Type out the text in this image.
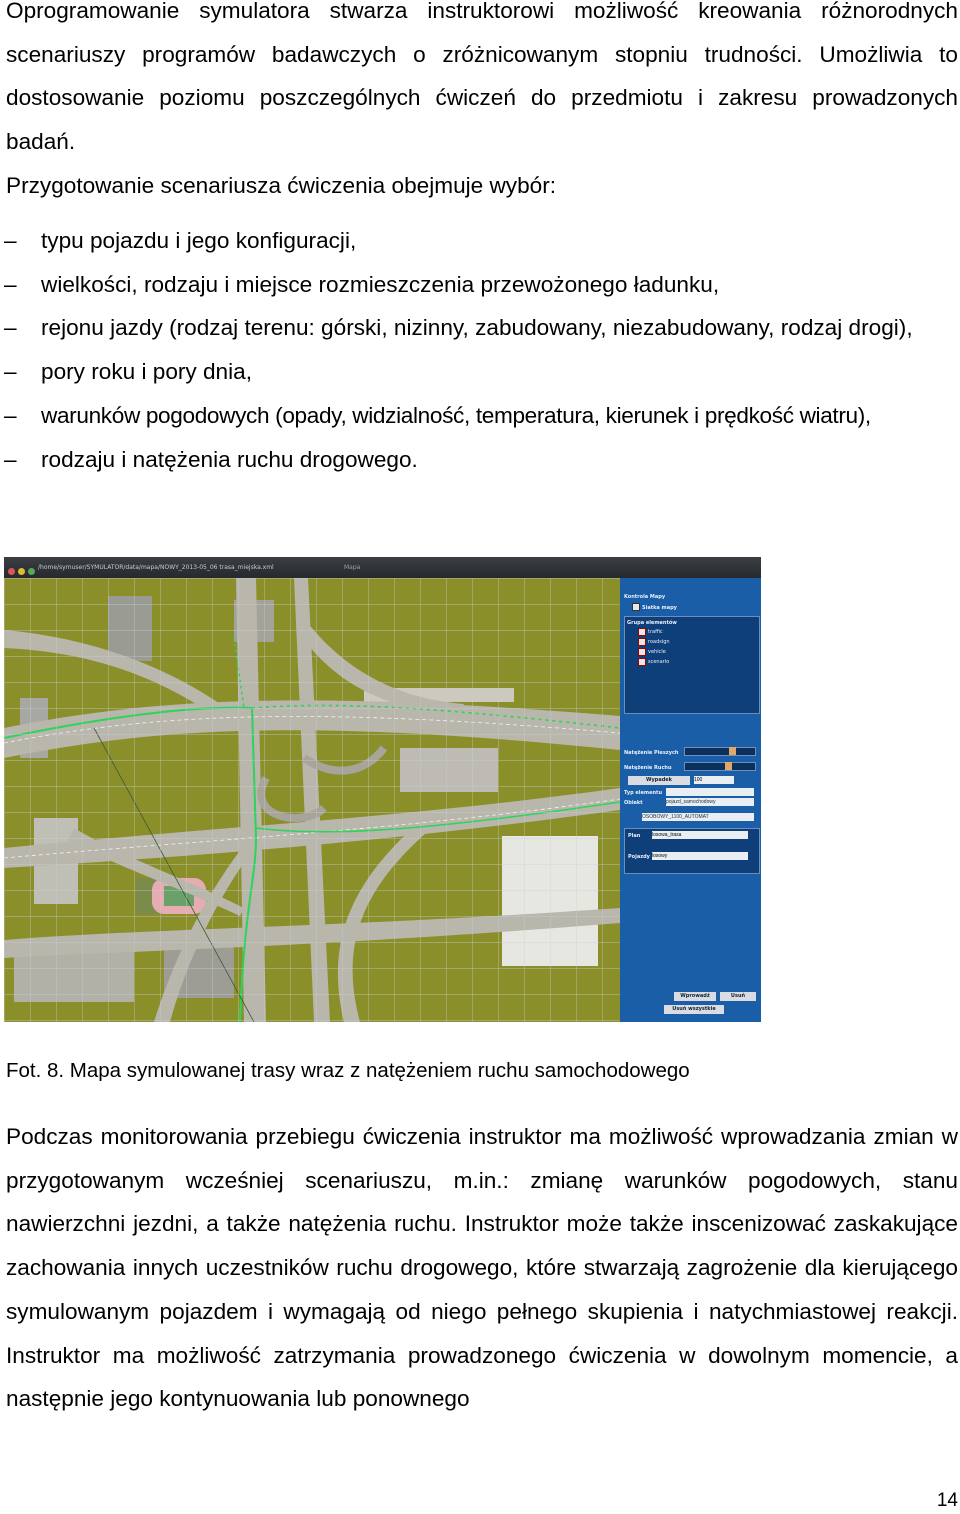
Oprogramowanie symulatora stwarza instruktorowi możliwość kreowania różnorodnych scenariuszy programów badawczych o zróżnicowanym stopniu trudności. Umożliwia to dostosowanie poziomu poszczególnych ćwiczeń do przedmiotu i zakresu prowadzonych badań.

Przygotowanie scenariusza ćwiczenia obejmuje wybór:

– typu pojazdu i jego konfiguracji,
– wielkości, rodzaju i miejsce rozmieszczenia przewożonego ładunku,
– rejonu jazdy (rodzaj terenu: górski, nizinny, zabudowany, niezabudowany, rodzaj drogi),
– pory roku i pory dnia,
– warunków pogodowych (opady, widzialność, temperatura, kierunek i prędkość wiatru),
– rodzaju i natężenia ruchu drogowego.
/home/symuser/SYMULATOR/data/mapa/NOWY_2013-05_06 trasa_miejska.xml	Mapa
Kontrola Mapy
Siatka mapy
Grupa elementów
traffic
roadsign
vehicle
scenario
Natężenie Pieszych
Natężenie Ruchu
Wypadek	100
Typ elementu
Obiekt	pojazd_samochodowy
OSOBOWY_1100_AUTOMAT
Plan losowa_trasa
Pojazdy losowy
Wprowadź	Usuń
Usuń wszystkie

Fot. 8. Mapa symulowanej trasy wraz z natężeniem ruchu samochodowego

Podczas monitorowania przebiegu ćwiczenia instruktor ma możliwość wprowadzania zmian w przygotowanym wcześniej scenariuszu, m.in.: zmianę warunków pogodowych, stanu nawierzchni jezdni, a także natężenia ruchu. Instruktor może także inscenizować zaskakujące zachowania innych uczestników ruchu drogowego, które stwarzają zagrożenie dla kierującego symulowanym pojazdem i wymagają od niego pełnego skupienia i natychmiastowej reakcji. Instruktor ma możliwość zatrzymania prowadzonego ćwiczenia w dowolnym momencie, a następnie jego kontynuowania lub ponownego

14
